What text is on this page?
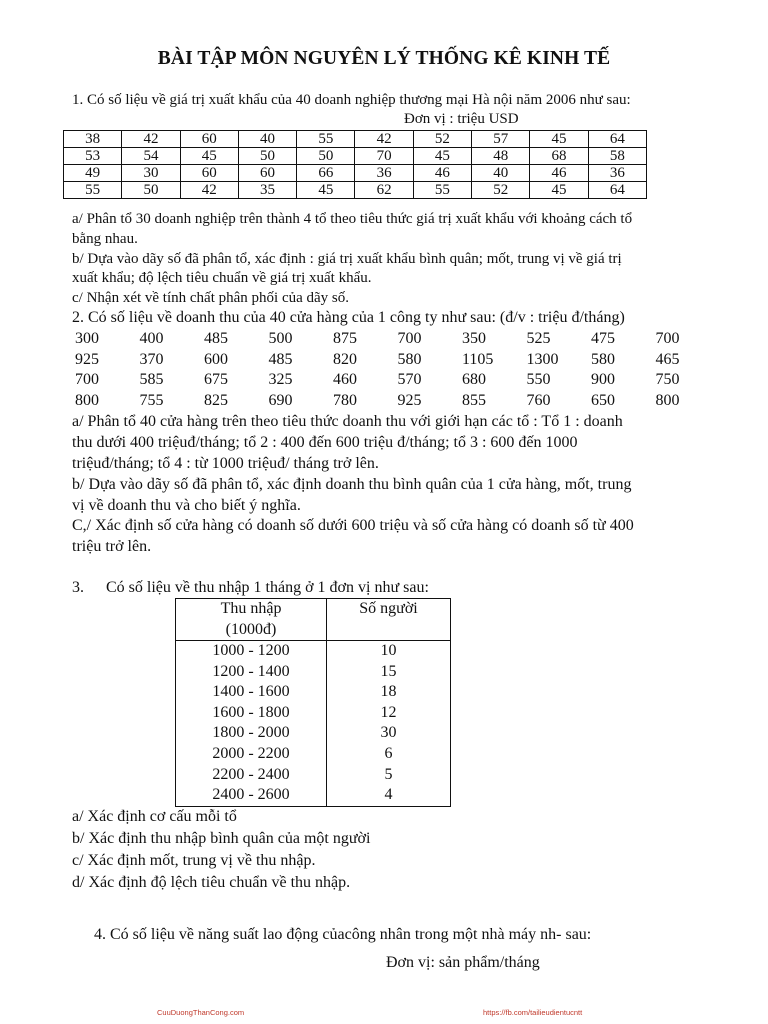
BÀI TẬP MÔN NGUYÊN LÝ THỐNG KÊ KINH TẾ
1. Có số liệu về giá trị xuất khẩu của 40 doanh nghiệp thương mại Hà nội năm 2006 như sau:
Đơn vị : triệu USD
38	42	60	40	55	42	52	57	45	64
53	54	45	50	50	70	45	48	68	58
49	30	60	60	66	36	46	40	46	36
55	50	42	35	45	62	55	52	45	64
a/ Phân tổ 30 doanh nghiệp trên thành 4 tổ theo tiêu thức giá trị xuất khẩu với khoảng cách tổ
bằng nhau.
b/ Dựa vào dãy số đã phân tổ, xác định : giá trị xuất khẩu bình quân; mốt, trung vị về giá trị
xuất khẩu; độ lệch tiêu chuẩn về giá trị xuất khẩu.
c/ Nhận xét về tính chất phân phối của dãy số.
2. Có số liệu về doanh thu của 40 cửa hàng của 1 công ty như sau: (đ/v : triệu đ/tháng)
300	400	485	500	875	700	350	525	475	700
925	370	600	485	820	580	1105	1300	580	465
700	585	675	325	460	570	680	550	900	750
800	755	825	690	780	925	855	760	650	800
a/ Phân tổ 40 cửa hàng trên theo tiêu thức doanh thu với giới hạn các tổ : Tổ 1 : doanh
thu dưới 400 triệuđ/tháng; tổ 2 : 400 đến 600 triệu đ/tháng; tổ 3 : 600 đến 1000
triệuđ/tháng; tổ 4 : từ 1000 triệuđ/ tháng trở lên.
b/ Dựa vào dãy số đã phân tổ, xác định doanh thu bình quân của 1 cửa hàng, mốt, trung
vị về doanh thu và cho biết ý nghĩa.
C,/ Xác định số cửa hàng có doanh số dưới 600 triệu và số cửa hàng có doanh số từ 400
triệu trở lên.
3. Có số liệu về thu nhập 1 tháng ở 1 đơn vị như sau:
Thu nhập
(1000đ)	Số người
1000 - 1200	10
1200 - 1400	15
1400 - 1600	18
1600 - 1800	12
1800 - 2000	30
2000 - 2200	6
2200 - 2400	5
2400 - 2600	4
a/ Xác định cơ cấu mỗi tổ
b/ Xác định thu nhập bình quân của một người
c/ Xác định mốt, trung vị về thu nhập.
d/ Xác định độ lệch tiêu chuẩn về thu nhập.
4. Có số liệu về năng suất lao động củacông nhân trong một nhà máy nh- sau:
Đơn vị: sản phẩm/tháng
CuuDuongThanCong.com	https://fb.com/tailieudientucntt
